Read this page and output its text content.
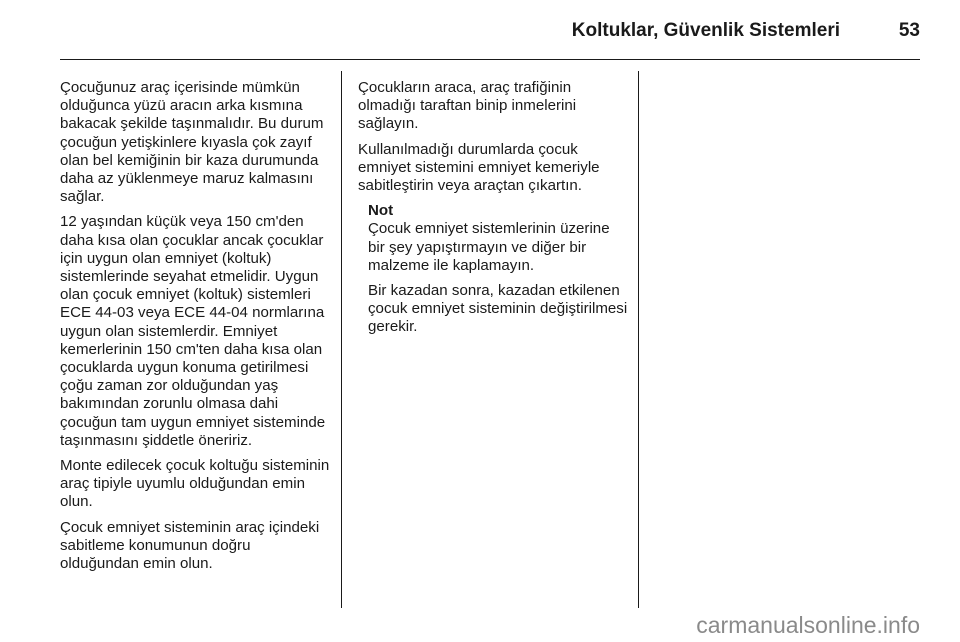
Koltuklar, Güvenlik Sistemleri	53

Çocuğunuz araç içerisinde mümkün olduğunca yüzü aracın arka kısmına bakacak şekilde taşınmalıdır. Bu durum çocuğun yetişkinlere kıyasla çok zayıf olan bel kemiğinin bir kaza durumunda daha az yüklenmeye maruz kalmasını sağlar.

12 yaşından küçük veya 150 cm'den daha kısa olan çocuklar ancak çocuklar için uygun olan emniyet (koltuk) sistemlerinde seyahat etmelidir. Uygun olan çocuk emniyet (koltuk) sistemleri ECE 44-03 veya ECE 44-04 normlarına uygun olan sistemlerdir. Emniyet kemerlerinin 150 cm'ten daha kısa olan çocuklarda uygun konuma getirilmesi çoğu zaman zor olduğundan yaş bakımından zorunlu olmasa dahi çocuğun tam uygun emniyet sisteminde taşınmasını şiddetle öneririz.

Monte edilecek çocuk koltuğu sisteminin araç tipiyle uyumlu olduğundan emin olun.

Çocuk emniyet sisteminin araç içindeki sabitleme konumunun doğru olduğundan emin olun.

Çocukların araca, araç trafiğinin olmadığı taraftan binip inmelerini sağlayın.

Kullanılmadığı durumlarda çocuk emniyet sistemini emniyet kemeriyle sabitleştirin veya araçtan çıkartın.

Not

Çocuk emniyet sistemlerinin üzerine bir şey yapıştırmayın ve diğer bir malzeme ile kaplamayın.

Bir kazadan sonra, kazadan etkilenen çocuk emniyet sisteminin değiştirilmesi gerekir.

carmanualsonline.info
